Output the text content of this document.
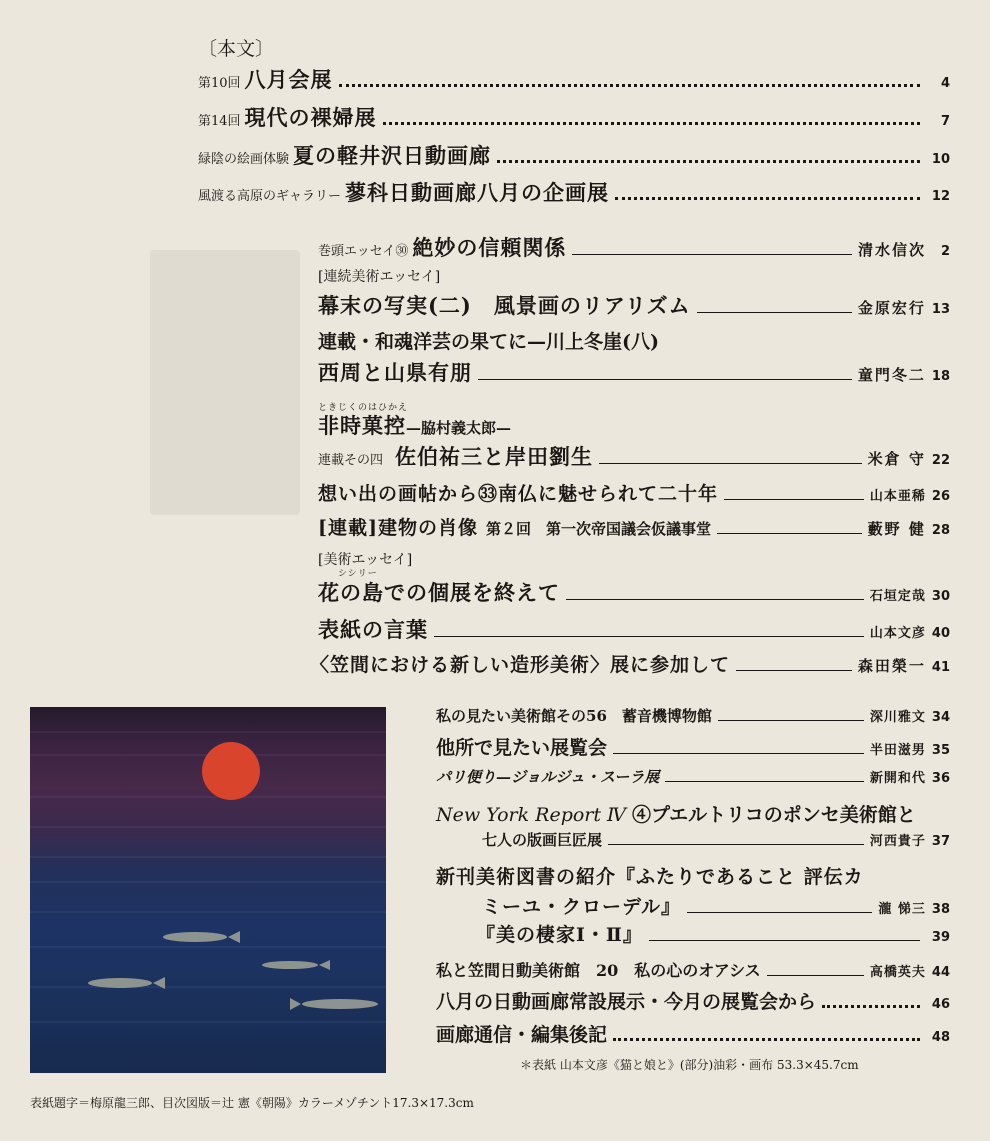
〔本文〕
第10回 八月会展	4
第14回 現代の裸婦展	7
緑陰の絵画体験 夏の軽井沢日動画廊	10
風渡る高原のギャラリー 蓼科日動画廊八月の企画展	12
巻頭エッセイ㉚ 絶妙の信頼関係	清水信次	2
[連続美術エッセイ]
幕末の写実(二)　風景画のリアリズム	金原宏行 13
連載・和魂洋芸の果てに—川上冬崖(八)
西周と山県有朋	童門冬二 18
ときじくのはひかえ
非時菓控 —脇村義太郎—
連載その四 佐伯祐三と岸田劉生	米倉 守 22
想い出の画帖から㉝南仏に魅せられて二十年	山本亜稀 26
[連載]建物の肖像 第２回　第一次帝国議会仮議事堂	藪野 健 28
[美術エッセイ]
シシリー
花の島での個展を終えて	石垣定哉 30
表紙の言葉	山本文彦 40
〈笠間における新しい造形美術〉展に参加して	森田榮一 41
私の見たい美術館その56　蓄音機博物館	深川雅文 34
他所で見たい展覧会	半田滋男 35
パリ便り—ジョルジュ・スーラ展	新開和代 36
New York Report Ⅳ ④プエルトリコのポンセ美術館と
七人の版画巨匠展	河西貴子 37
新刊美術図書の紹介『ふたりであること 評伝カ
ミーユ・クローデル』	瀧 悌三 38
『美の棲家Ⅰ・Ⅱ』	39
私と笠間日動美術館　20　私の心のオアシス	高橋英夫 44
八月の日動画廊常設展示・今月の展覧会から	46
画廊通信・編集後記	48
＊表紙 山本文彦《猫と娘と》(部分)油彩・画布 53.3×45.7cm
表紙題字＝梅原龍三郎、目次図版＝辻 憲《朝陽》カラーメゾチント17.3×17.3cm
